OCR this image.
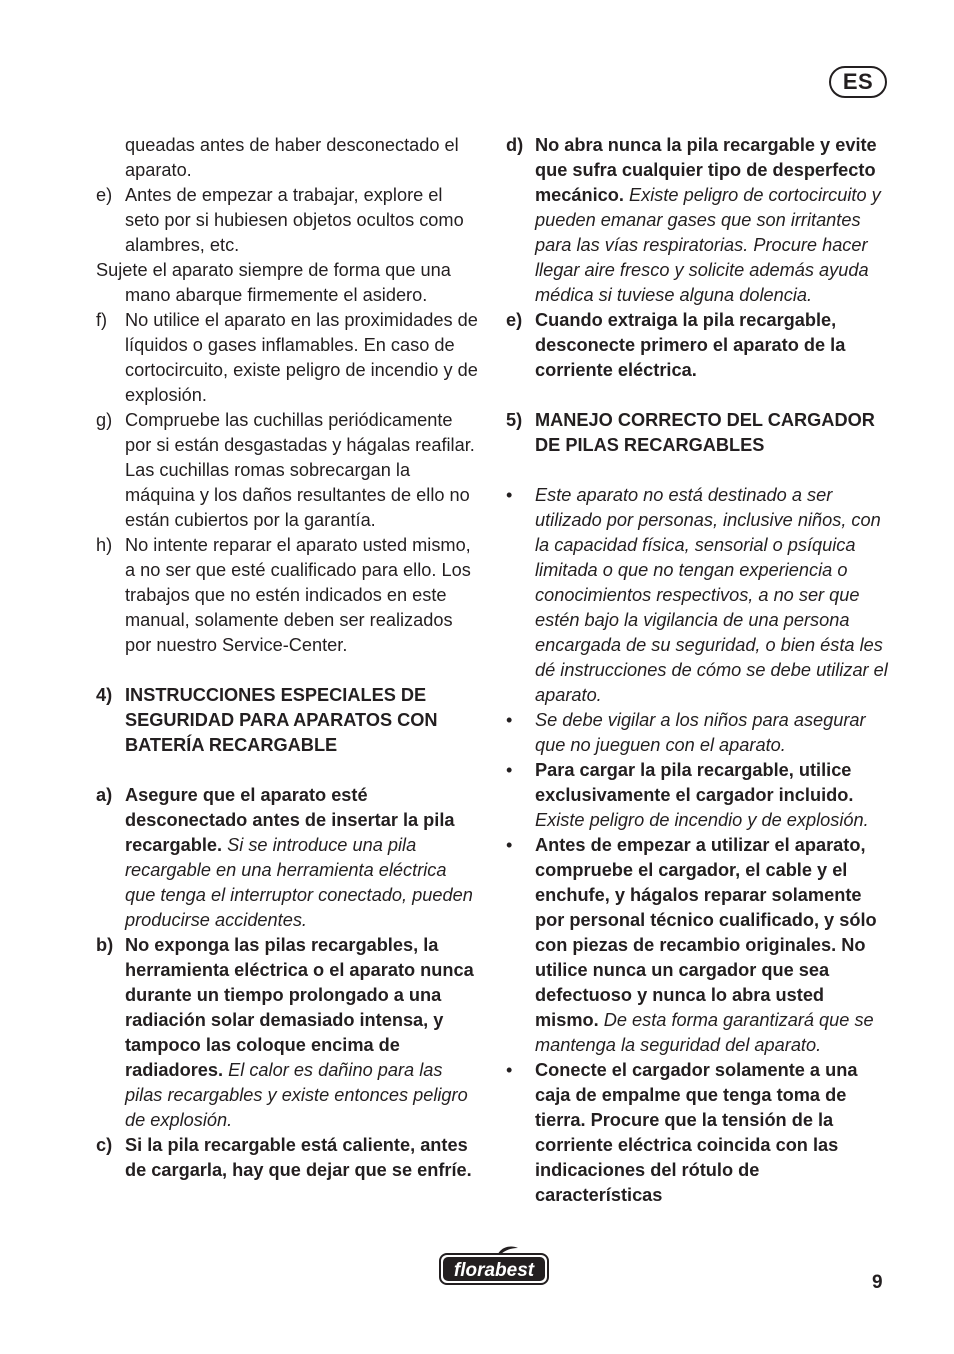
ES
queadas antes de haber desconectado el aparato.
e) Antes de empezar a trabajar, explore el seto por si hubiesen objetos ocultos como alambres, etc.
Sujete el aparato siempre de forma que una mano abarque firmemente el asidero.
f) No utilice el aparato en las proximidades de líquidos o gases inflamables. En caso de cortocircuito, existe peligro de incendio y de explosión.
g) Compruebe las cuchillas periódicamente por si están desgastadas y hágalas reafilar. Las cuchillas romas sobrecargan la máquina y los daños resultantes de ello no están cubiertos por la garantía.
h) No intente reparar el aparato usted mismo, a no ser que esté cualificado para ello. Los trabajos que no estén indicados en este manual, solamente deben ser realizados por nuestro Service-Center.
4) INSTRUCCIONES ESPECIALES DE SEGURIDAD PARA APARATOS CON BATERÍA RECARGABLE
a) Asegure que el aparato esté desconectado antes de insertar la pila recargable. Si se introduce una pila recargable en una herramienta eléctrica que tenga el interruptor conectado, pueden producirse accidentes.
b) No exponga las pilas recargables, la herramienta eléctrica o el aparato nunca durante un tiempo prolongado a una radiación solar demasiado intensa, y tampoco las coloque encima de radiadores. El calor es dañino para las pilas recargables y existe entonces peligro de explosión.
c) Si la pila recargable está caliente, antes de cargarla, hay que dejar que se enfríe.
d) No abra nunca la pila recargable y evite que sufra cualquier tipo de desperfecto mecánico. Existe peligro de cortocircuito y pueden emanar gases que son irritantes para las vías respiratorias. Procure hacer llegar aire fresco y solicite además ayuda médica si tuviese alguna dolencia.
e) Cuando extraiga la pila recargable, desconecte primero el aparato de la corriente eléctrica.
5) MANEJO CORRECTO DEL CARGADOR DE PILAS RECARGABLES
• Este aparato no está destinado a ser utilizado por personas, inclusive niños, con la capacidad física, sensorial o psíquica limitada o que no tengan experiencia o conocimientos respectivos, a no ser que estén bajo la vigilancia de una persona encargada de su seguridad, o bien ésta les dé instrucciones de cómo se debe utilizar el aparato.
• Se debe vigilar a los niños para asegurar que no jueguen con el aparato.
• Para cargar la pila recargable, utilice exclusivamente el cargador incluido. Existe peligro de incendio y de explosión.
• Antes de empezar a utilizar el aparato, compruebe el cargador, el cable y el enchufe, y hágalos reparar solamente por personal técnico cualificado, y sólo con piezas de recambio originales. No utilice nunca un cargador que sea defectuoso y nunca lo abra usted mismo. De esta forma garantizará que se mantenga la seguridad del aparato.
• Conecte el cargador solamente a una caja de empalme que tenga toma de tierra. Procure que la tensión de la corriente eléctrica coincida con las indicaciones del rótulo de características
florabest
9
